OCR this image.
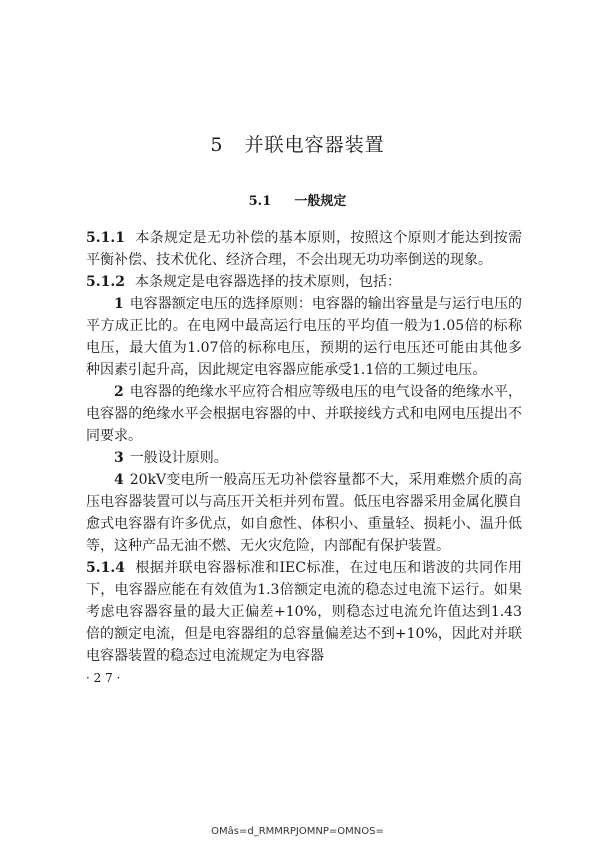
5 并联电容器装置
5.1 一般规定

5.1.1 本条规定是无功补偿的基本原则，按照这个原则才能达到按需平衡补偿、技术优化、经济合理，不会出现无功功率倒送的现象。

5.1.2 本条规定是电容器选择的技术原则，包括：

1 电容器额定电压的选择原则：电容器的输出容量是与运行电压的平方成正比的。在电网中最高运行电压的平均值一般为1.05倍的标称电压，最大值为1.07倍的标称电压，预期的运行电压还可能由其他多种因素引起升高，因此规定电容器应能承受1.1倍的工频过电压。

2 电容器的绝缘水平应符合相应等级电压的电气设备的绝缘水平，电容器的绝缘水平会根据电容器的中、并联接线方式和电网电压提出不同要求。

3 一般设计原则。

4 20kV变电所一般高压无功补偿容量都不大，采用难燃介质的高压电容器装置可以与高压开关柜并列布置。低压电容器采用金属化膜自愈式电容器有许多优点，如自愈性、体积小、重量轻、损耗小、温升低等，这种产品无油不燃、无火灾危险，内部配有保护装置。

5.1.4 根据并联电容器标准和IEC标准，在过电压和谐波的共同作用下，电容器应能在有效值为1.3倍额定电流的稳态过电流下运行。如果考虑电容器容量的最大正偏差+10%，则稳态过电流允许值达到1.43倍的额定电流，但是电容器组的总容量偏差达不到+10%，因此对并联电容器装置的稳态过电流规定为电容器

· 2 7 ·

OMâs=d_RMMRPJOMNP=OMNOS=
